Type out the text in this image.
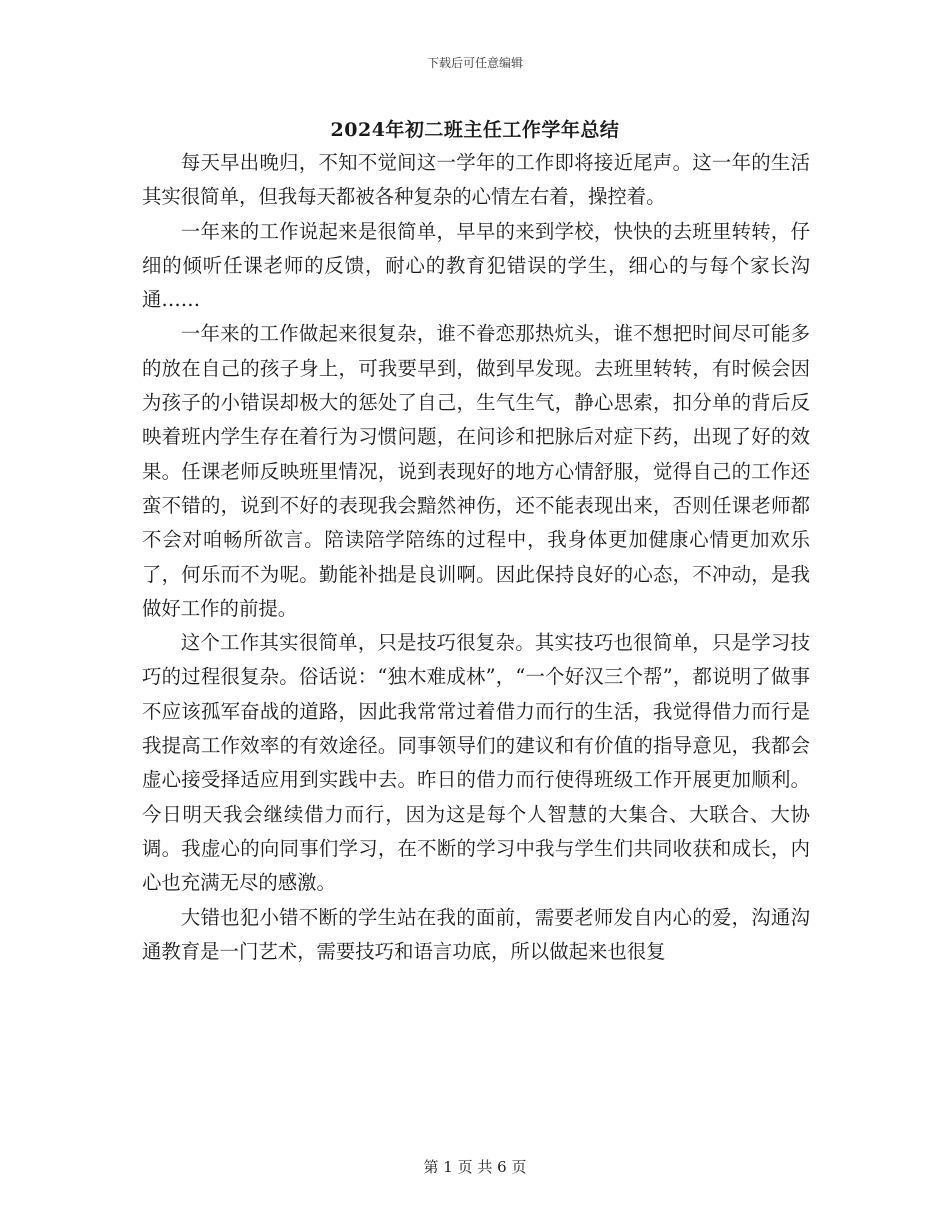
下载后可任意编辑
2024年初二班主任工作学年总结

每天早出晚归，不知不觉间这一学年的工作即将接近尾声。这一年的生活其实很简单，但我每天都被各种复杂的心情左右着，操控着。

一年来的工作说起来是很简单，早早的来到学校，快快的去班里转转，仔细的倾听任课老师的反馈，耐心的教育犯错误的学生，细心的与每个家长沟通……

一年来的工作做起来很复杂，谁不眷恋那热炕头，谁不想把时间尽可能多的放在自己的孩子身上，可我要早到，做到早发现。去班里转转，有时候会因为孩子的小错误却极大的惩处了自己，生气生气，静心思索，扣分单的背后反映着班内学生存在着行为习惯问题，在问诊和把脉后对症下药，出现了好的效果。任课老师反映班里情况，说到表现好的地方心情舒服，觉得自己的工作还蛮不错的，说到不好的表现我会黯然神伤，还不能表现出来，否则任课老师都不会对咱畅所欲言。陪读陪学陪练的过程中，我身体更加健康心情更加欢乐了，何乐而不为呢。勤能补拙是良训啊。因此保持良好的心态，不冲动，是我做好工作的前提。

这个工作其实很简单，只是技巧很复杂。其实技巧也很简单，只是学习技巧的过程很复杂。俗话说：“独木难成林”，“一个好汉三个帮”，都说明了做事不应该孤军奋战的道路，因此我常常过着借力而行的生活，我觉得借力而行是我提高工作效率的有效途径。同事领导们的建议和有价值的指导意见，我都会虚心接受择适应用到实践中去。昨日的借力而行使得班级工作开展更加顺利。今日明天我会继续借力而行，因为这是每个人智慧的大集合、大联合、大协调。我虚心的向同事们学习，在不断的学习中我与学生们共同收获和成长，内心也充满无尽的感激。

大错也犯小错不断的学生站在我的面前，需要老师发自内心的爱，沟通沟通教育是一门艺术，需要技巧和语言功底，所以做起来也很复

第 1 页 共 6 页
